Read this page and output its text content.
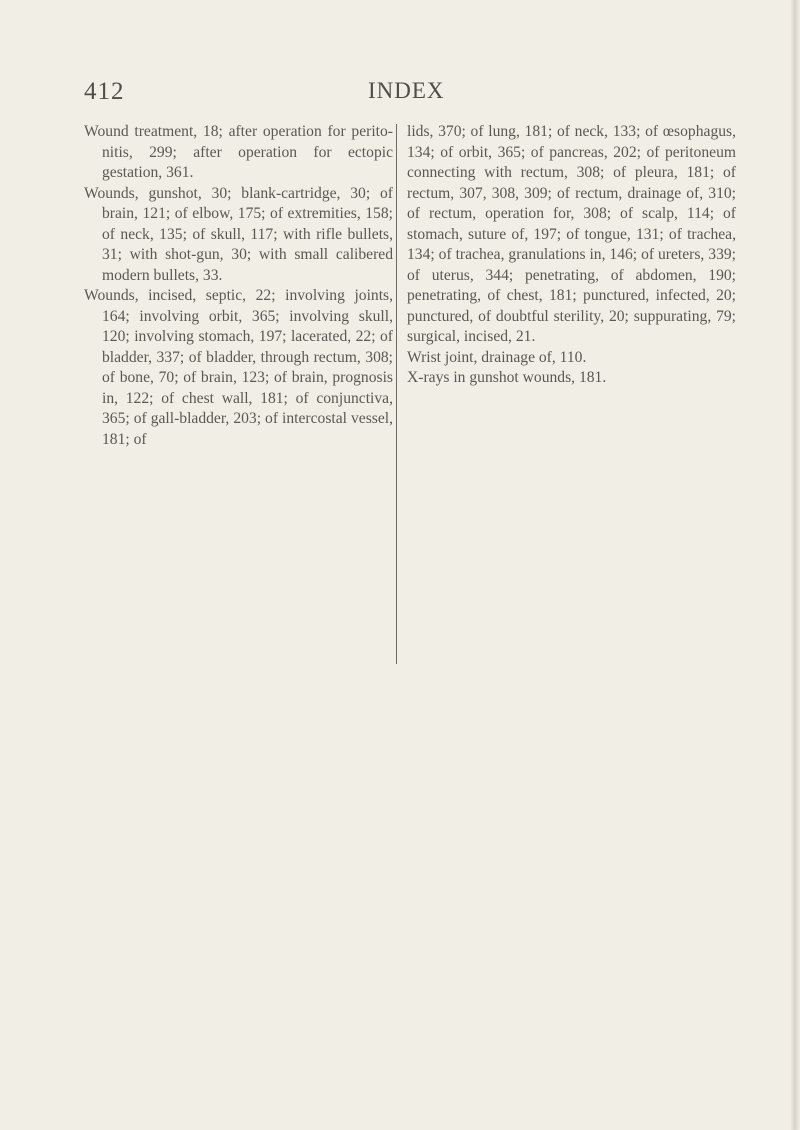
412	INDEX

Wound treatment, 18; after operation for peritonitis, 299; after operation for ectopic gestation, 361.

Wounds, gunshot, 30; blank-cartridge, 30; of brain, 121; of elbow, 175; of extremities, 158; of neck, 135; of skull, 117; with rifle bullets, 31; with shot-gun, 30; with small calibered modern bullets, 33.

Wounds, incised, septic, 22; involving joints, 164; involving orbit, 365; involving skull, 120; involving stomach, 197; lacerated, 22; of bladder, 337; of bladder, through rectum, 308; of bone, 70; of brain, 123; of brain, prognosis in, 122; of chest wall, 181; of conjunctiva, 365; of gall-bladder, 203; of intercostal vessel, 181; of

lids, 370; of lung, 181; of neck, 133; of œsophagus, 134; of orbit, 365; of pancreas, 202; of peritoneum connecting with rectum, 308; of pleura, 181; of rectum, 307, 308, 309; of rectum, drainage of, 310; of rectum, operation for, 308; of scalp, 114; of stomach, suture of, 197; of tongue, 131; of trachea, 134; of trachea, granulations in, 146; of ureters, 339; of uterus, 344; penetrating, of abdomen, 190; penetrating, of chest, 181; punctured, infected, 20; punctured, of doubtful sterility, 20; suppurating, 79; surgical, incised, 21.

Wrist joint, drainage of, 110.

X-rays in gunshot wounds, 181.
